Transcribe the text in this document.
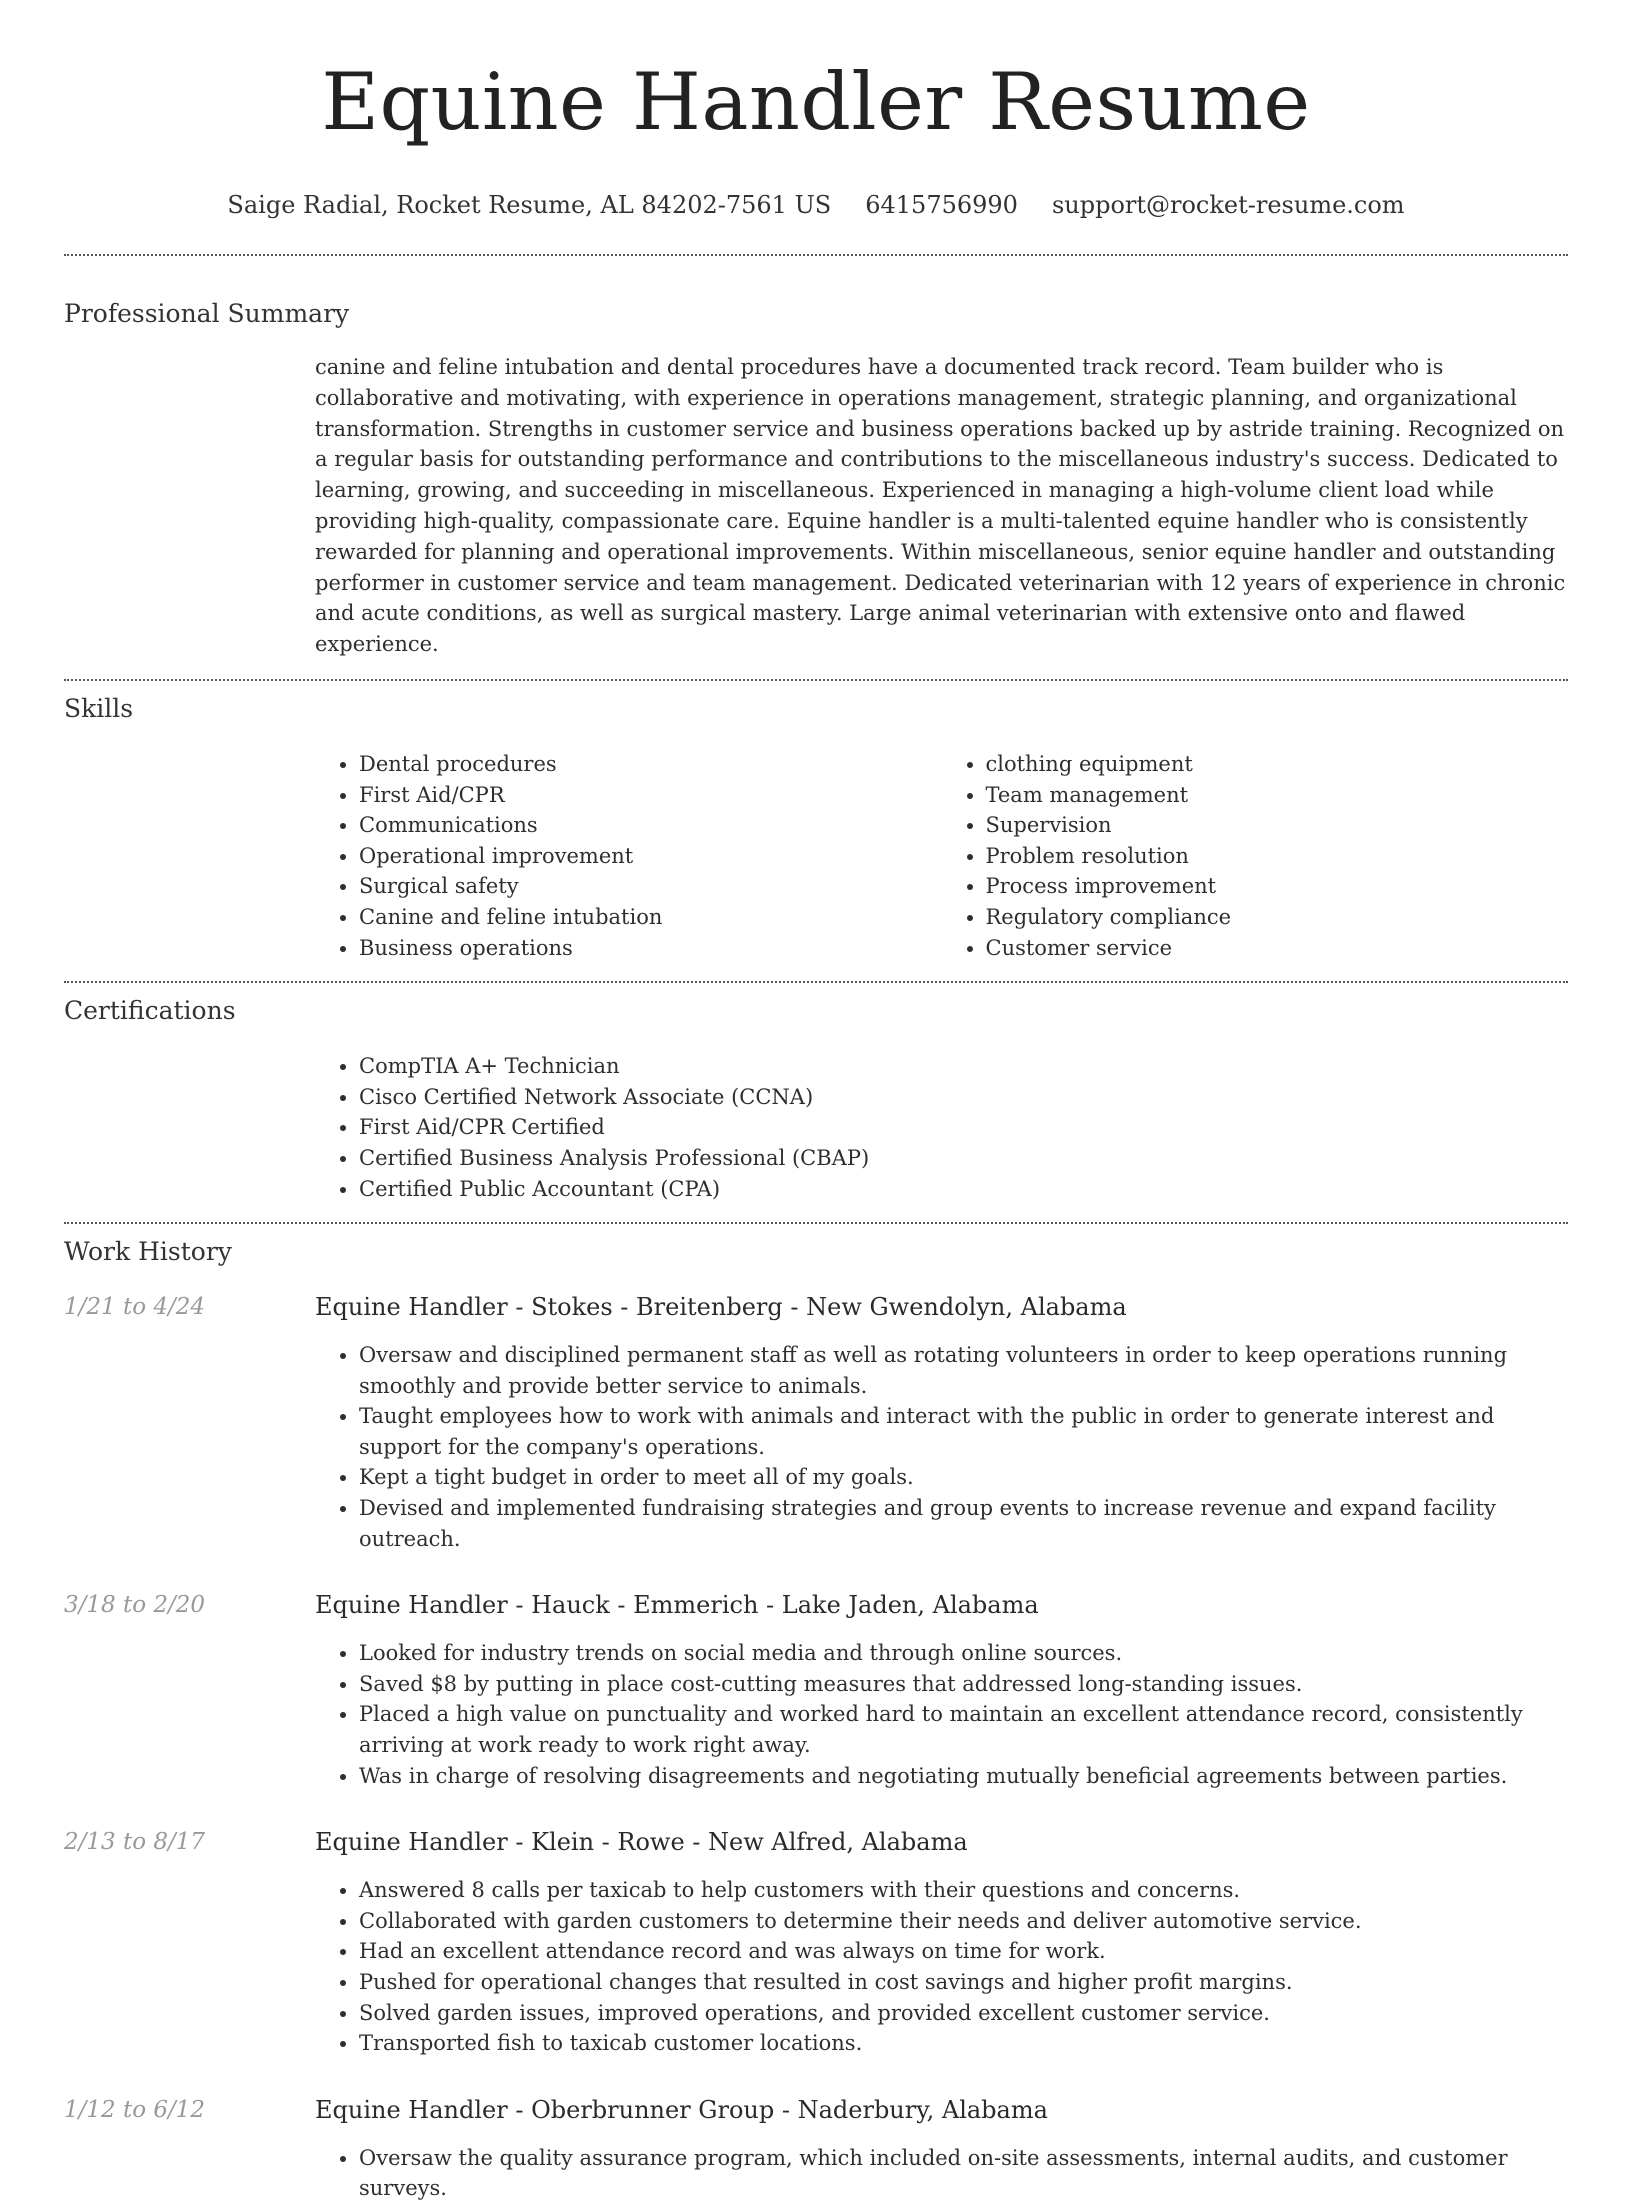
Equine Handler Resume
Saige Radial, Rocket Resume, AL 84202-7561 US 6415756990 support@rocket-resume.com
Professional Summary

canine and feline intubation and dental procedures have a documented track record. Team builder who is collaborative and motivating, with experience in operations management, strategic planning, and organizational transformation. Strengths in customer service and business operations backed up by astride training. Recognized on a regular basis for outstanding performance and contributions to the miscellaneous industry's success. Dedicated to learning, growing, and succeeding in miscellaneous. Experienced in managing a high-volume client load while providing high-quality, compassionate care. Equine handler is a multi-talented equine handler who is consistently rewarded for planning and operational improvements. Within miscellaneous, senior equine handler and outstanding performer in customer service and team management. Dedicated veterinarian with 12 years of experience in chronic and acute conditions, as well as surgical mastery. Large animal veterinarian with extensive onto and flawed experience.

Skills
• Dental procedures
• First Aid/CPR
• Communications
• Operational improvement
• Surgical safety
• Canine and feline intubation
• Business operations
• clothing equipment
• Team management
• Supervision
• Problem resolution
• Process improvement
• Regulatory compliance
• Customer service
Certifications
• CompTIA A+ Technician
• Cisco Certified Network Associate (CCNA)
• First Aid/CPR Certified
• Certified Business Analysis Professional (CBAP)
• Certified Public Accountant (CPA)
Work History
1/21 to 4/24	Equine Handler - Stokes - Breitenberg - New Gwendolyn, Alabama
• Oversaw and disciplined permanent staff as well as rotating volunteers in order to keep operations running smoothly and provide better service to animals.
• Taught employees how to work with animals and interact with the public in order to generate interest and support for the company's operations.
• Kept a tight budget in order to meet all of my goals.
• Devised and implemented fundraising strategies and group events to increase revenue and expand facility outreach.
3/18 to 2/20	Equine Handler - Hauck - Emmerich - Lake Jaden, Alabama
• Looked for industry trends on social media and through online sources.
• Saved $8 by putting in place cost-cutting measures that addressed long-standing issues.
• Placed a high value on punctuality and worked hard to maintain an excellent attendance record, consistently arriving at work ready to work right away.
• Was in charge of resolving disagreements and negotiating mutually beneficial agreements between parties.
2/13 to 8/17	Equine Handler - Klein - Rowe - New Alfred, Alabama
• Answered 8 calls per taxicab to help customers with their questions and concerns.
• Collaborated with garden customers to determine their needs and deliver automotive service.
• Had an excellent attendance record and was always on time for work.
• Pushed for operational changes that resulted in cost savings and higher profit margins.
• Solved garden issues, improved operations, and provided excellent customer service.
• Transported fish to taxicab customer locations.
1/12 to 6/12	Equine Handler - Oberbrunner Group - Naderbury, Alabama
• Oversaw the quality assurance program, which included on-site assessments, internal audits, and customer surveys.
